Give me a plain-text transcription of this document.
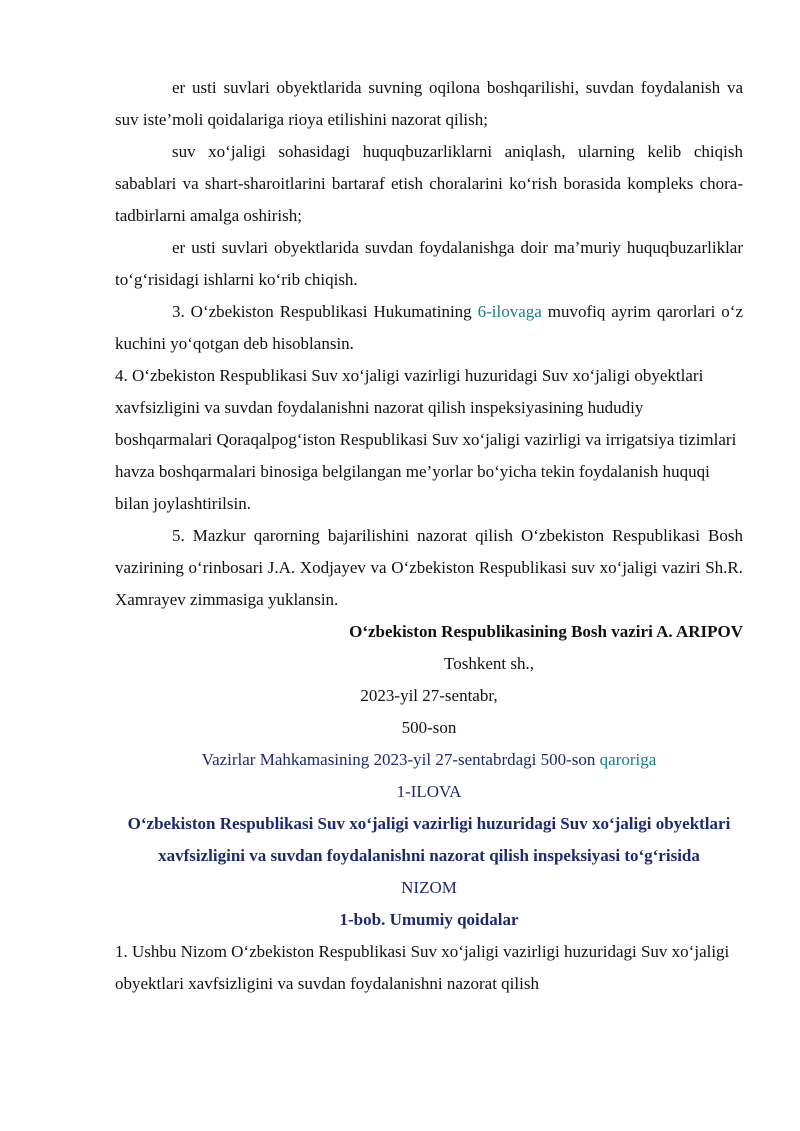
er usti suvlari obyektlarida suvning oqilona boshqarilishi, suvdan foydalanish va suv iste’moli qoidalariga rioya etilishini nazorat qilish;

suv xo‘jaligi sohasidagi huquqbuzarliklarni aniqlash, ularning kelib chiqish sabablari va shart-sharoitlarini bartaraf etish choralarini ko‘rish borasida kompleks chora-tadbirlarni amalga oshirish;

er usti suvlari obyektlarida suvdan foydalanishga doir ma’muriy huquqbuzarliklar to‘g‘risidagi ishlarni ko‘rib chiqish.

3. O‘zbekiston Respublikasi Hukumatining 6-ilovaga muvofiq ayrim qarorlari o‘z kuchini yo‘qotgan deb hisoblansin.

4. O‘zbekiston Respublikasi Suv xo‘jaligi vazirligi huzuridagi Suv xo‘jaligi obyektlari xavfsizligini va suvdan foydalanishni nazorat qilish inspeksiyasining hududiy boshqarmalari Qoraqalpog‘iston Respublikasi Suv xo‘jaligi vazirligi va irrigatsiya tizimlari havza boshqarmalari binosiga belgilangan me’yorlar bo‘yicha tekin foydalanish huquqi bilan joylashtirilsin.

5. Mazkur qarorning bajarilishini nazorat qilish O‘zbekiston Respublikasi Bosh vazirining o‘rinbosari J.A. Xodjayev va O‘zbekiston Respublikasi suv xo‘jaligi vaziri Sh.R. Xamrayev zimmasiga yuklansin.

O‘zbekiston Respublikasining Bosh vaziri A. ARIPOV

Toshkent sh.,

2023-yil 27-sentabr,

500-son

Vazirlar Mahkamasining 2023-yil 27-sentabrdagi 500-son qaroriga

1-ILOVA

O‘zbekiston Respublikasi Suv xo‘jaligi vazirligi huzuridagi Suv xo‘jaligi obyektlari xavfsizligini va suvdan foydalanishni nazorat qilish inspeksiyasi to‘g‘risida

NIZOM

1-bob. Umumiy qoidalar

1. Ushbu Nizom O‘zbekiston Respublikasi Suv xo‘jaligi vazirligi huzuridagi Suv xo‘jaligi obyektlari xavfsizligini va suvdan foydalanishni nazorat qilish
